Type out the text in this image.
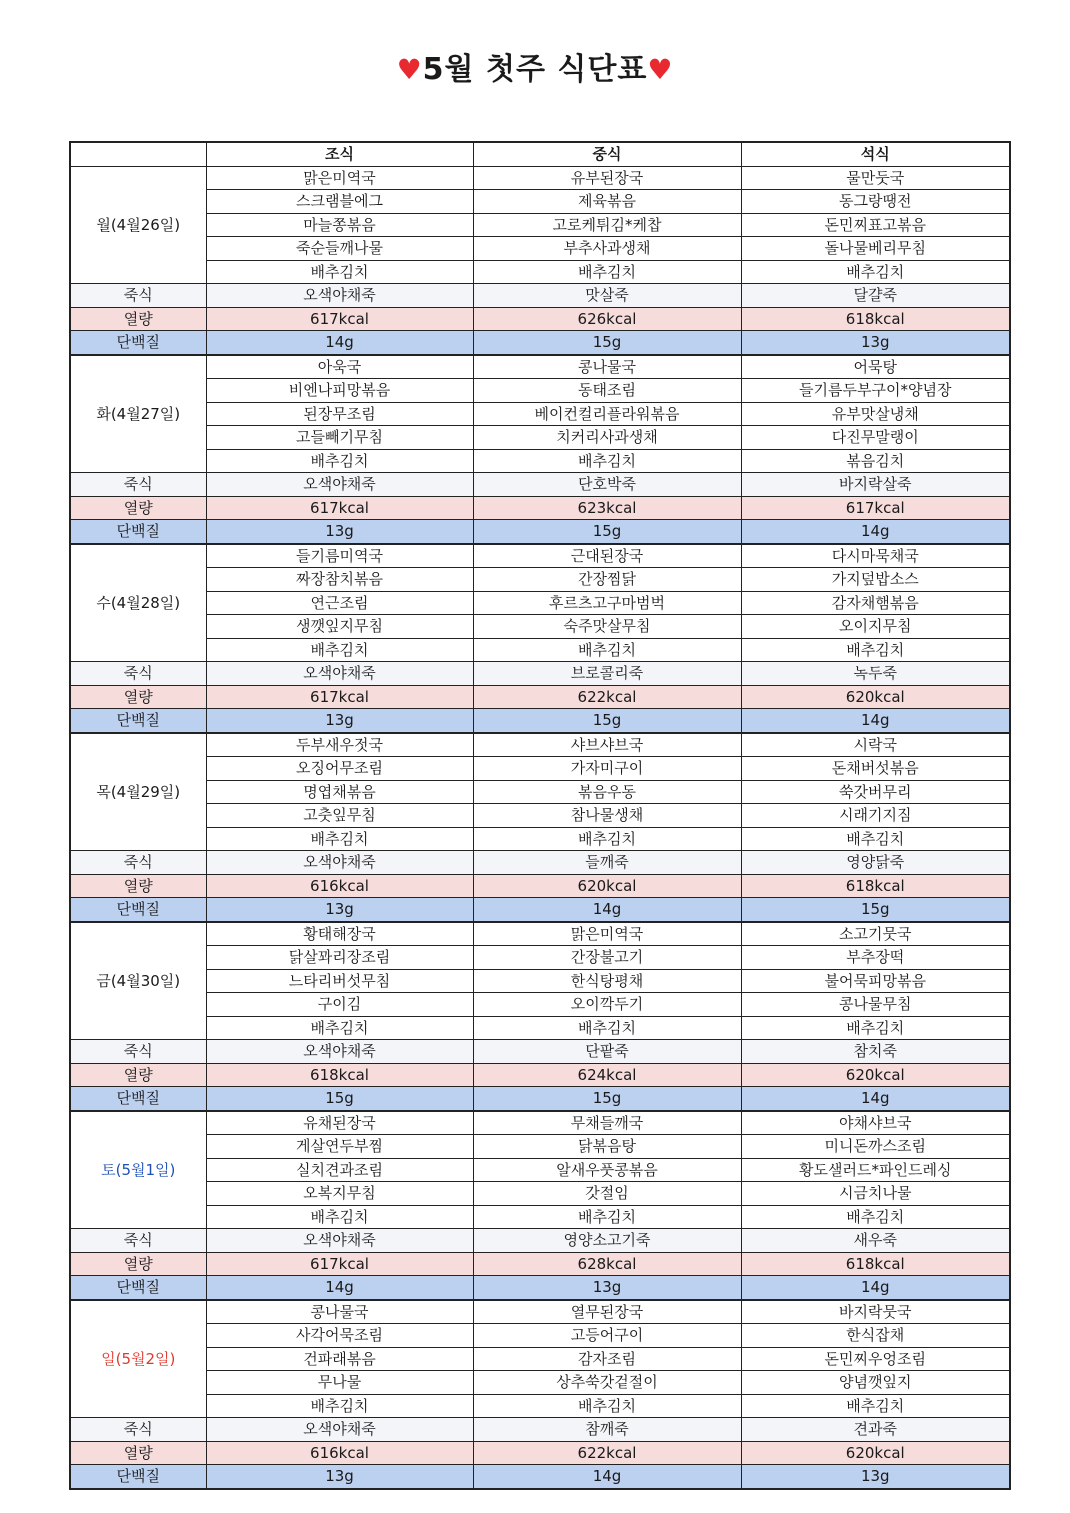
♥5월 첫주 식단표♥
	조식	중식	석식
월(4월26일)	맑은미역국	유부된장국	물만둣국
	스크램블에그	제육볶음	동그랑땡전
	마늘쫑볶음	고로케튀김*케찹	돈민찌표고볶음
	죽순들깨나물	부추사과생채	돌나물베리무침
	배추김치	배추김치	배추김치
죽식	오색야채죽	맛살죽	달걀죽
열량	617kcal	626kcal	618kcal
단백질	14g	15g	13g
화(4월27일)	아욱국	콩나물국	어묵탕
	비엔나피망볶음	동태조림	들기름두부구이*양념장
	된장무조림	베이컨컬리플라워볶음	유부맛살냉채
	고들빼기무침	치커리사과생채	다진무말랭이
	배추김치	배추김치	볶음김치
죽식	오색야채죽	단호박죽	바지락살죽
열량	617kcal	623kcal	617kcal
단백질	13g	15g	14g
수(4월28일)	들기름미역국	근대된장국	다시마묵채국
	짜장참치볶음	간장찜닭	가지덮밥소스
	연근조림	후르츠고구마범벅	감자채햄볶음
	생깻잎지무침	숙주맛살무침	오이지무침
	배추김치	배추김치	배추김치
죽식	오색야채죽	브로콜리죽	녹두죽
열량	617kcal	622kcal	620kcal
단백질	13g	15g	14g
목(4월29일)	두부새우젓국	샤브샤브국	시락국
	오징어무조림	가자미구이	돈채버섯볶음
	명엽채볶음	볶음우동	쑥갓버무리
	고춧잎무침	참나물생채	시래기지짐
	배추김치	배추김치	배추김치
죽식	오색야채죽	들깨죽	영양닭죽
열량	616kcal	620kcal	618kcal
단백질	13g	14g	15g
금(4월30일)	황태해장국	맑은미역국	소고기뭇국
	닭살꽈리장조림	간장불고기	부추장떡
	느타리버섯무침	한식탕평채	불어묵피망볶음
	구이김	오이깍두기	콩나물무침
	배추김치	배추김치	배추김치
죽식	오색야채죽	단팥죽	참치죽
열량	618kcal	624kcal	620kcal
단백질	15g	15g	14g
토(5월1일)	유채된장국	무채들깨국	야채샤브국
	게살연두부찜	닭볶음탕	미니돈까스조림
	실치견과조림	알새우풋콩볶음	황도샐러드*파인드레싱
	오복지무침	갓절임	시금치나물
	배추김치	배추김치	배추김치
죽식	오색야채죽	영양소고기죽	새우죽
열량	617kcal	628kcal	618kcal
단백질	14g	13g	14g
일(5월2일)	콩나물국	열무된장국	바지락뭇국
	사각어묵조림	고등어구이	한식잡채
	건파래볶음	감자조림	돈민찌우엉조림
	무나물	상추쑥갓겉절이	양념깻잎지
	배추김치	배추김치	배추김치
죽식	오색야채죽	참깨죽	견과죽
열량	616kcal	622kcal	620kcal
단백질	13g	14g	13g
